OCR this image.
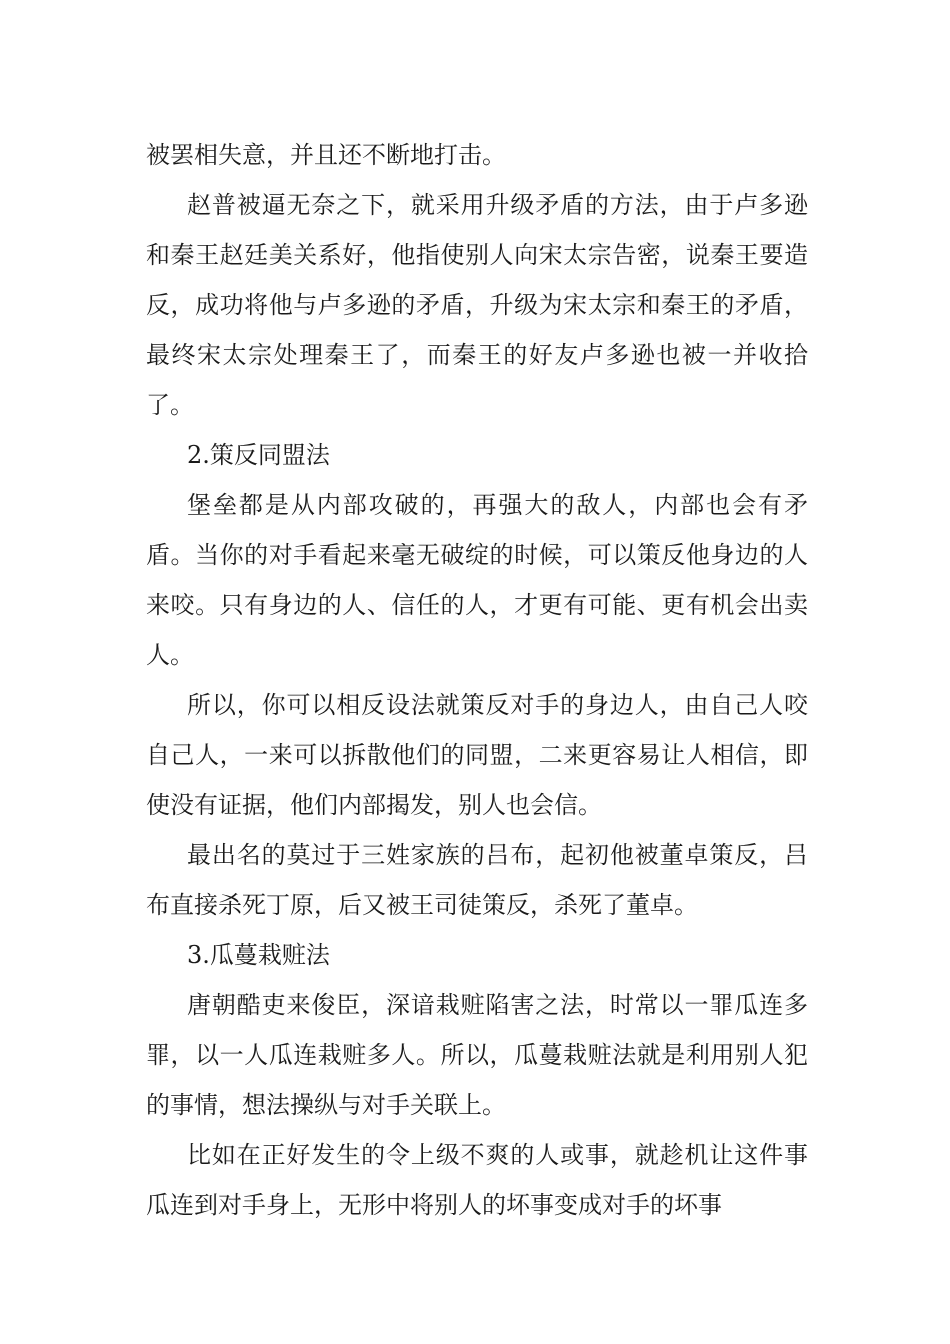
被罢相失意，并且还不断地打击。

赵普被逼无奈之下，就采用升级矛盾的方法，由于卢多逊和秦王赵廷美关系好，他指使别人向宋太宗告密，说秦王要造反，成功将他与卢多逊的矛盾，升级为宋太宗和秦王的矛盾，最终宋太宗处理秦王了，而秦王的好友卢多逊也被一并收拾了。

2.策反同盟法

堡垒都是从内部攻破的，再强大的敌人，内部也会有矛盾。当你的对手看起来毫无破绽的时候，可以策反他身边的人来咬。只有身边的人、信任的人，才更有可能、更有机会出卖人。

所以，你可以相反设法就策反对手的身边人，由自己人咬自己人，一来可以拆散他们的同盟，二来更容易让人相信，即使没有证据，他们内部揭发，别人也会信。

最出名的莫过于三姓家族的吕布，起初他被董卓策反，吕布直接杀死丁原，后又被王司徒策反，杀死了董卓。

3.瓜蔓栽赃法

唐朝酷吏来俊臣，深谙栽赃陷害之法，时常以一罪瓜连多罪，以一人瓜连栽赃多人。所以，瓜蔓栽赃法就是利用别人犯的事情，想法操纵与对手关联上。

比如在正好发生的令上级不爽的人或事，就趁机让这件事瓜连到对手身上，无形中将别人的坏事变成对手的坏事
